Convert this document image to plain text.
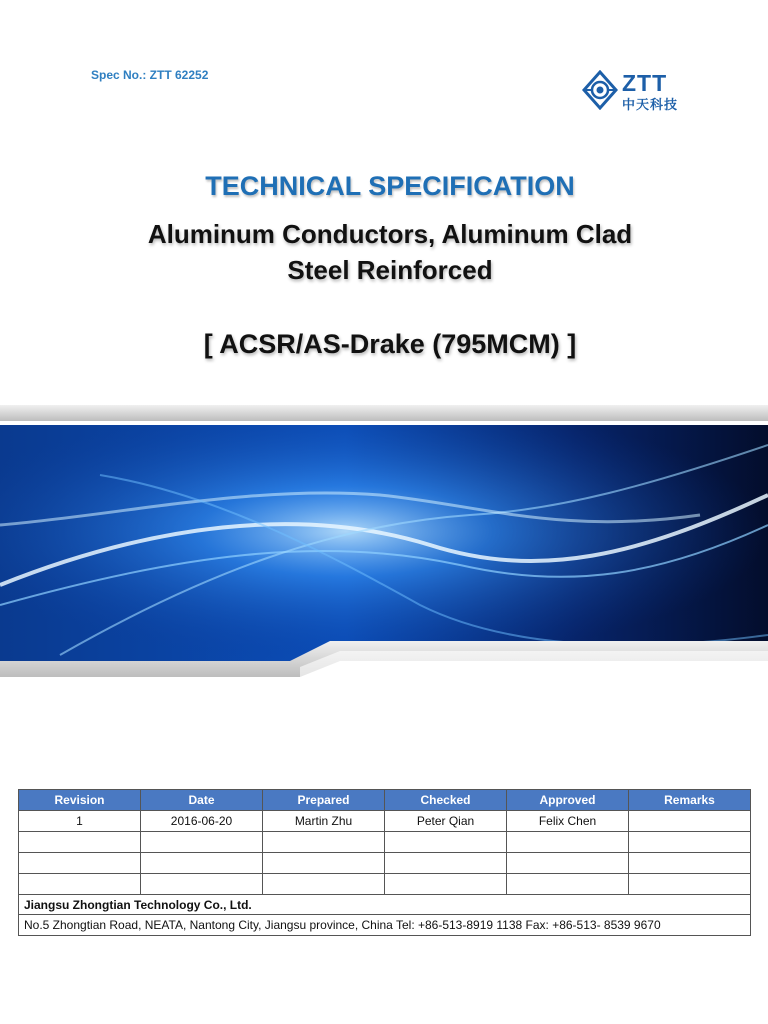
Spec No.: ZTT 62252	ZTT
中天科技
TECHNICAL SPECIFICATION
Aluminum Conductors, Aluminum Clad
Steel Reinforced
[ ACSR/AS-Drake (795MCM) ]
Revision	Date	Prepared	Checked	Approved	Remarks
1	2016-06-20	Martin Zhu	Peter Qian	Felix Chen	

Jiangsu Zhongtian Technology Co., Ltd.					
No.5 Zhongtian Road, NEATA, Nantong City, Jiangsu province, China Tel: +86-513-8919 1138 Fax: +86-513- 8539 9670					
